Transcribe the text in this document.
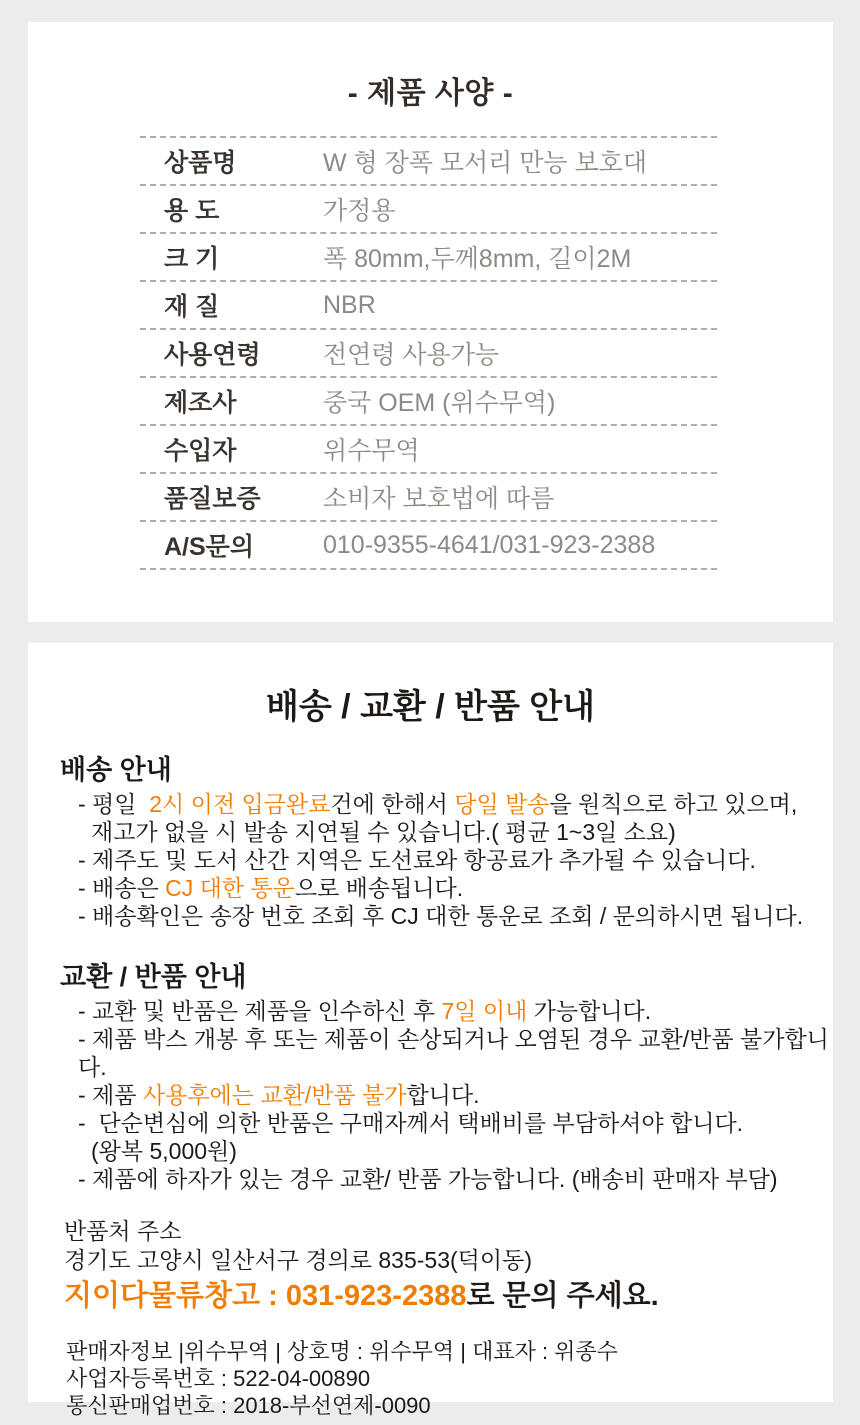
- 제품 사양 -
상품명	W 형 장폭 모서리 만능 보호대
용 도	가정용
크 기	폭 80mm,두께8mm, 길이2M
재 질	NBR
사용연령	전연령 사용가능
제조사	중국 OEM (위수무역)
수입자	위수무역
품질보증	소비자 보호법에 따름
A/S문의	010-9355-4641/031-923-2388
배송 / 교환 / 반품 안내
배송 안내
- 평일  2시 이전 입금완료건에 한해서 당일 발송을 원칙으로 하고 있으며,
재고가 없을 시 발송 지연될 수 있습니다.( 평균 1~3일 소요)
- 제주도 및 도서 산간 지역은 도선료와 항공료가 추가될 수 있습니다.
- 배송은 CJ 대한 통운으로 배송됩니다.
- 배송확인은 송장 번호 조회 후 CJ 대한 통운로 조회 / 문의하시면 됩니다.
교환 / 반품 안내
- 교환 및 반품은 제품을 인수하신 후 7일 이내 가능합니다.
- 제품 박스 개봉 후 또는 제품이 손상되거나 오염된 경우 교환/반품 불가합니다.
- 제품 사용후에는 교환/반품 불가합니다.
-  단순변심에 의한 반품은 구매자께서 택배비를 부담하셔야 합니다.
(왕복 5,000원)
- 제품에 하자가 있는 경우 교환/ 반품 가능합니다. (배송비 판매자 부담)
반품처 주소
경기도 고양시 일산서구 경의로 835-53(덕이동)
지이다물류창고 : 031-923-2388로 문의 주세요.
판매자정보 |위수무역 | 상호명 : 위수무역 | 대표자 : 위종수
사업자등록번호 : 522-04-00890
통신판매업번호 : 2018-부선연제-0090
